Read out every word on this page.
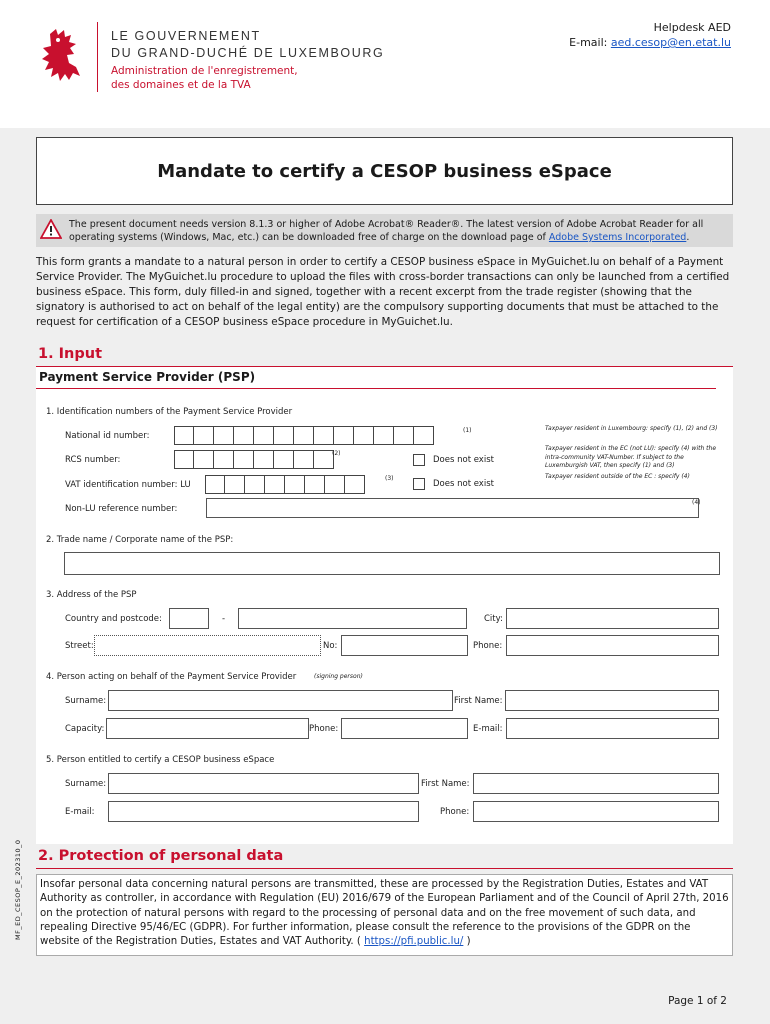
LE GOUVERNEMENT
DU GRAND-DUCHÉ DE LUXEMBOURG
Administration de l'enregistrement,
des domaines et de la TVA
Helpdesk AED
E-mail: aed.cesop@en.etat.lu
Mandate to certify a CESOP business eSpace
The present document needs version 8.1.3 or higher of Adobe Acrobat® Reader®. The latest version of Adobe Acrobat Reader for all operating systems (Windows, Mac, etc.) can be downloaded free of charge on the download page of Adobe Systems Incorporated.
This form grants a mandate to a natural person in order to certify a CESOP business eSpace in MyGuichet.lu on behalf of a Payment Service Provider. The MyGuichet.lu procedure to upload the files with cross-border transactions can only be launched from a certified business eSpace. This form, duly filled-in and signed, together with a recent excerpt from the trade register (showing that the signatory is authorised to act on behalf of the legal entity) are the compulsory supporting documents that must be attached to the request for certification of a CESOP business eSpace procedure in MyGuichet.lu.
1. Input
Payment Service Provider (PSP)
1. Identification numbers of the Payment Service Provider
National id number:
(1)
RCS number:
(2)
Does not exist
VAT identification number: LU
(3)
Does not exist
Non-LU reference number:
(4)
Taxpayer resident in Luxembourg: specify (1), (2) and (3)
Taxpayer resident in the EC (not LU): specify (4) with the intra-community VAT-Number. If subject to the Luxemburgish VAT, then specify (1) and (3)
Taxpayer resident outside of the EC : specify (4)
2. Trade name / Corporate name of the PSP:
3. Address of the PSP
Country and postcode:	-	City:
Street:	No:	Phone:
4. Person acting on behalf of the Payment Service Provider	(signing person)
Surname:	First Name:
Capacity:	Phone:	E-mail:
5. Person entitled to certify a CESOP business eSpace
Surname:	First Name:
E-mail:	Phone:
MF_ED_CESOP_E_202310_0 2. Protection of personal data
Insofar personal data concerning natural persons are transmitted, these are processed by the Registration Duties, Estates and VAT Authority as controller, in accordance with Regulation (EU) 2016/679 of the European Parliament and of the Council of April 27th, 2016 on the protection of natural persons with regard to the processing of personal data and on the free movement of such data, and repealing Directive 95/46/EC (GDPR). For further information, please consult the reference to the provisions of the GDPR on the website of the Registration Duties, Estates and VAT Authority. ( https://pfi.public.lu/ )
Page 1 of 2
